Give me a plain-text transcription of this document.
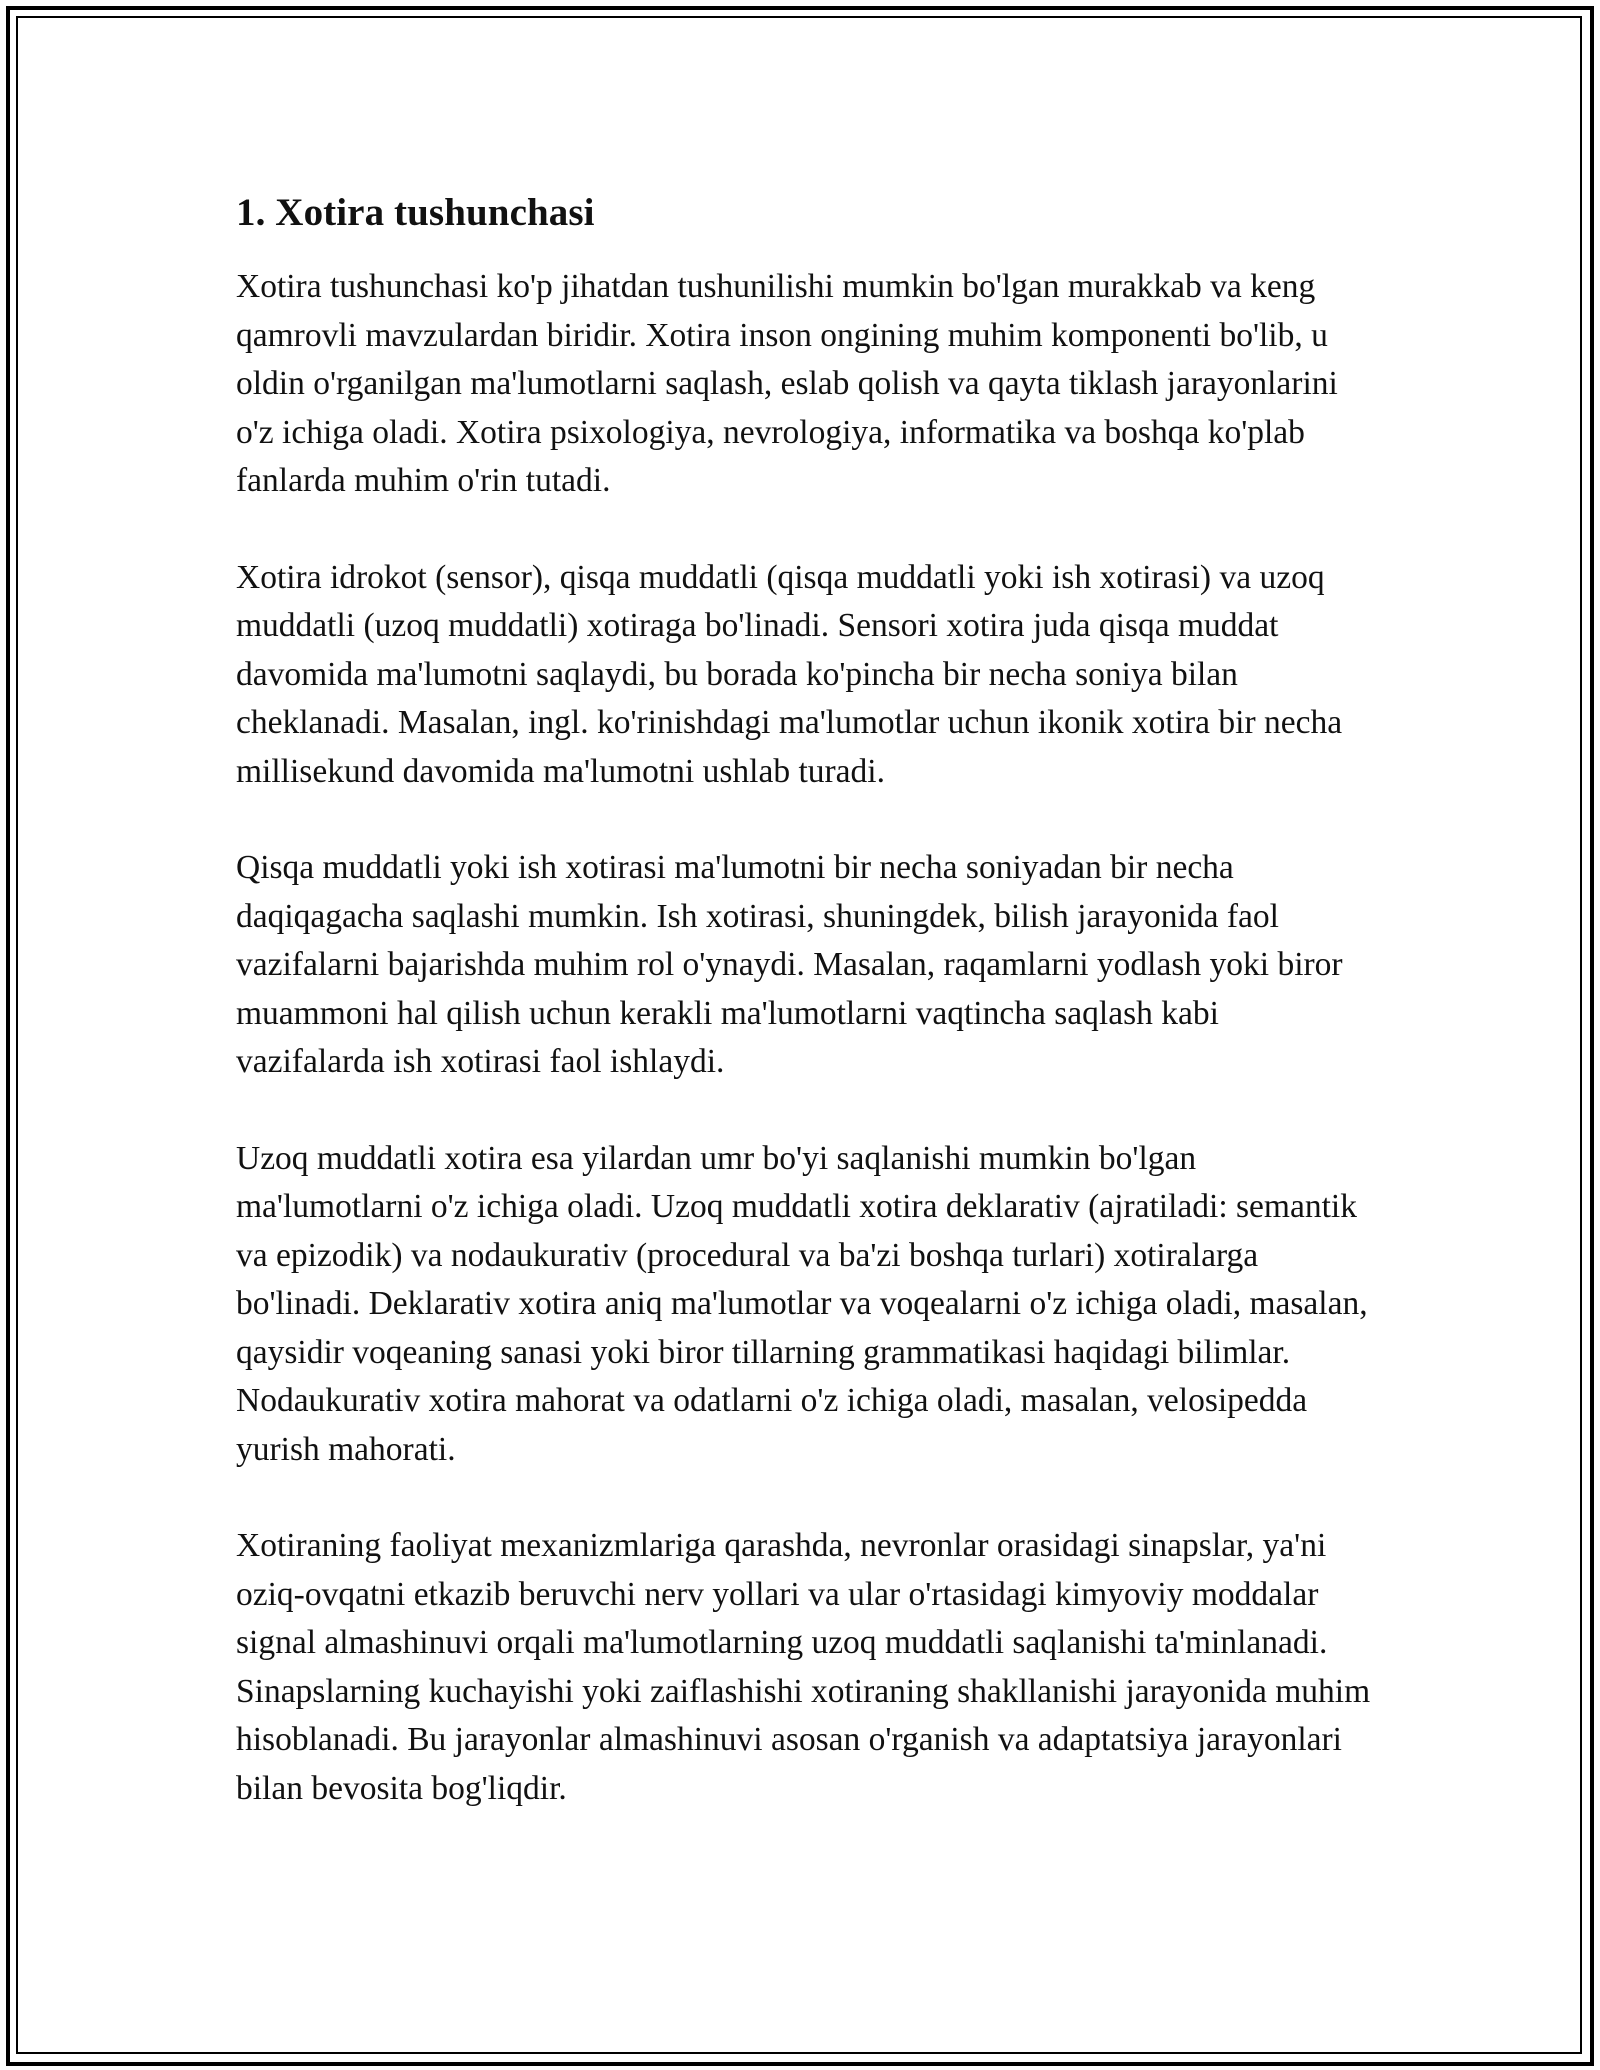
1. Xotira tushunchasi

Xotira tushunchasi ko'p jihatdan tushunilishi mumkin bo'lgan murakkab va keng qamrovli mavzulardan biridir. Xotira inson ongining muhim komponenti bo'lib, u oldin o'rganilgan ma'lumotlarni saqlash, eslab qolish va qayta tiklash jarayonlarini o'z ichiga oladi. Xotira psixologiya, nevrologiya, informatika va boshqa ko'plab fanlarda muhim o'rin tutadi.

Xotira idrokot (sensor), qisqa muddatli (qisqa muddatli yoki ish xotirasi) va uzoq muddatli (uzoq muddatli) xotiraga bo'linadi. Sensori xotira juda qisqa muddat davomida ma'lumotni saqlaydi, bu borada ko'pincha bir necha soniya bilan cheklanadi. Masalan, ingl. ko'rinishdagi ma'lumotlar uchun ikonik xotira bir necha millisekund davomida ma'lumotni ushlab turadi.

Qisqa muddatli yoki ish xotirasi ma'lumotni bir necha soniyadan bir necha daqiqagacha saqlashi mumkin. Ish xotirasi, shuningdek, bilish jarayonida faol vazifalarni bajarishda muhim rol o'ynaydi. Masalan, raqamlarni yodlash yoki biror muammoni hal qilish uchun kerakli ma'lumotlarni vaqtincha saqlash kabi vazifalarda ish xotirasi faol ishlaydi.

Uzoq muddatli xotira esa yilardan umr bo'yi saqlanishi mumkin bo'lgan ma'lumotlarni o'z ichiga oladi. Uzoq muddatli xotira deklarativ (ajratiladi: semantik va epizodik) va nodaukurativ (procedural va ba'zi boshqa turlari) xotiralarga bo'linadi. Deklarativ xotira aniq ma'lumotlar va voqealarni o'z ichiga oladi, masalan, qaysidir voqeaning sanasi yoki biror tillarning grammatikasi haqidagi bilimlar. Nodaukurativ xotira mahorat va odatlarni o'z ichiga oladi, masalan, velosipedda yurish mahorati.

Xotiraning faoliyat mexanizmlariga qarashda, nevronlar orasidagi sinapslar, ya'ni oziq-ovqatni etkazib beruvchi nerv yollari va ular o'rtasidagi kimyoviy moddalar signal almashinuvi orqali ma'lumotlarning uzoq muddatli saqlanishi ta'minlanadi. Sinapslarning kuchayishi yoki zaiflashishi xotiraning shakllanishi jarayonida muhim hisoblanadi. Bu jarayonlar almashinuvi asosan o'rganish va adaptatsiya jarayonlari bilan bevosita bog'liqdir.
